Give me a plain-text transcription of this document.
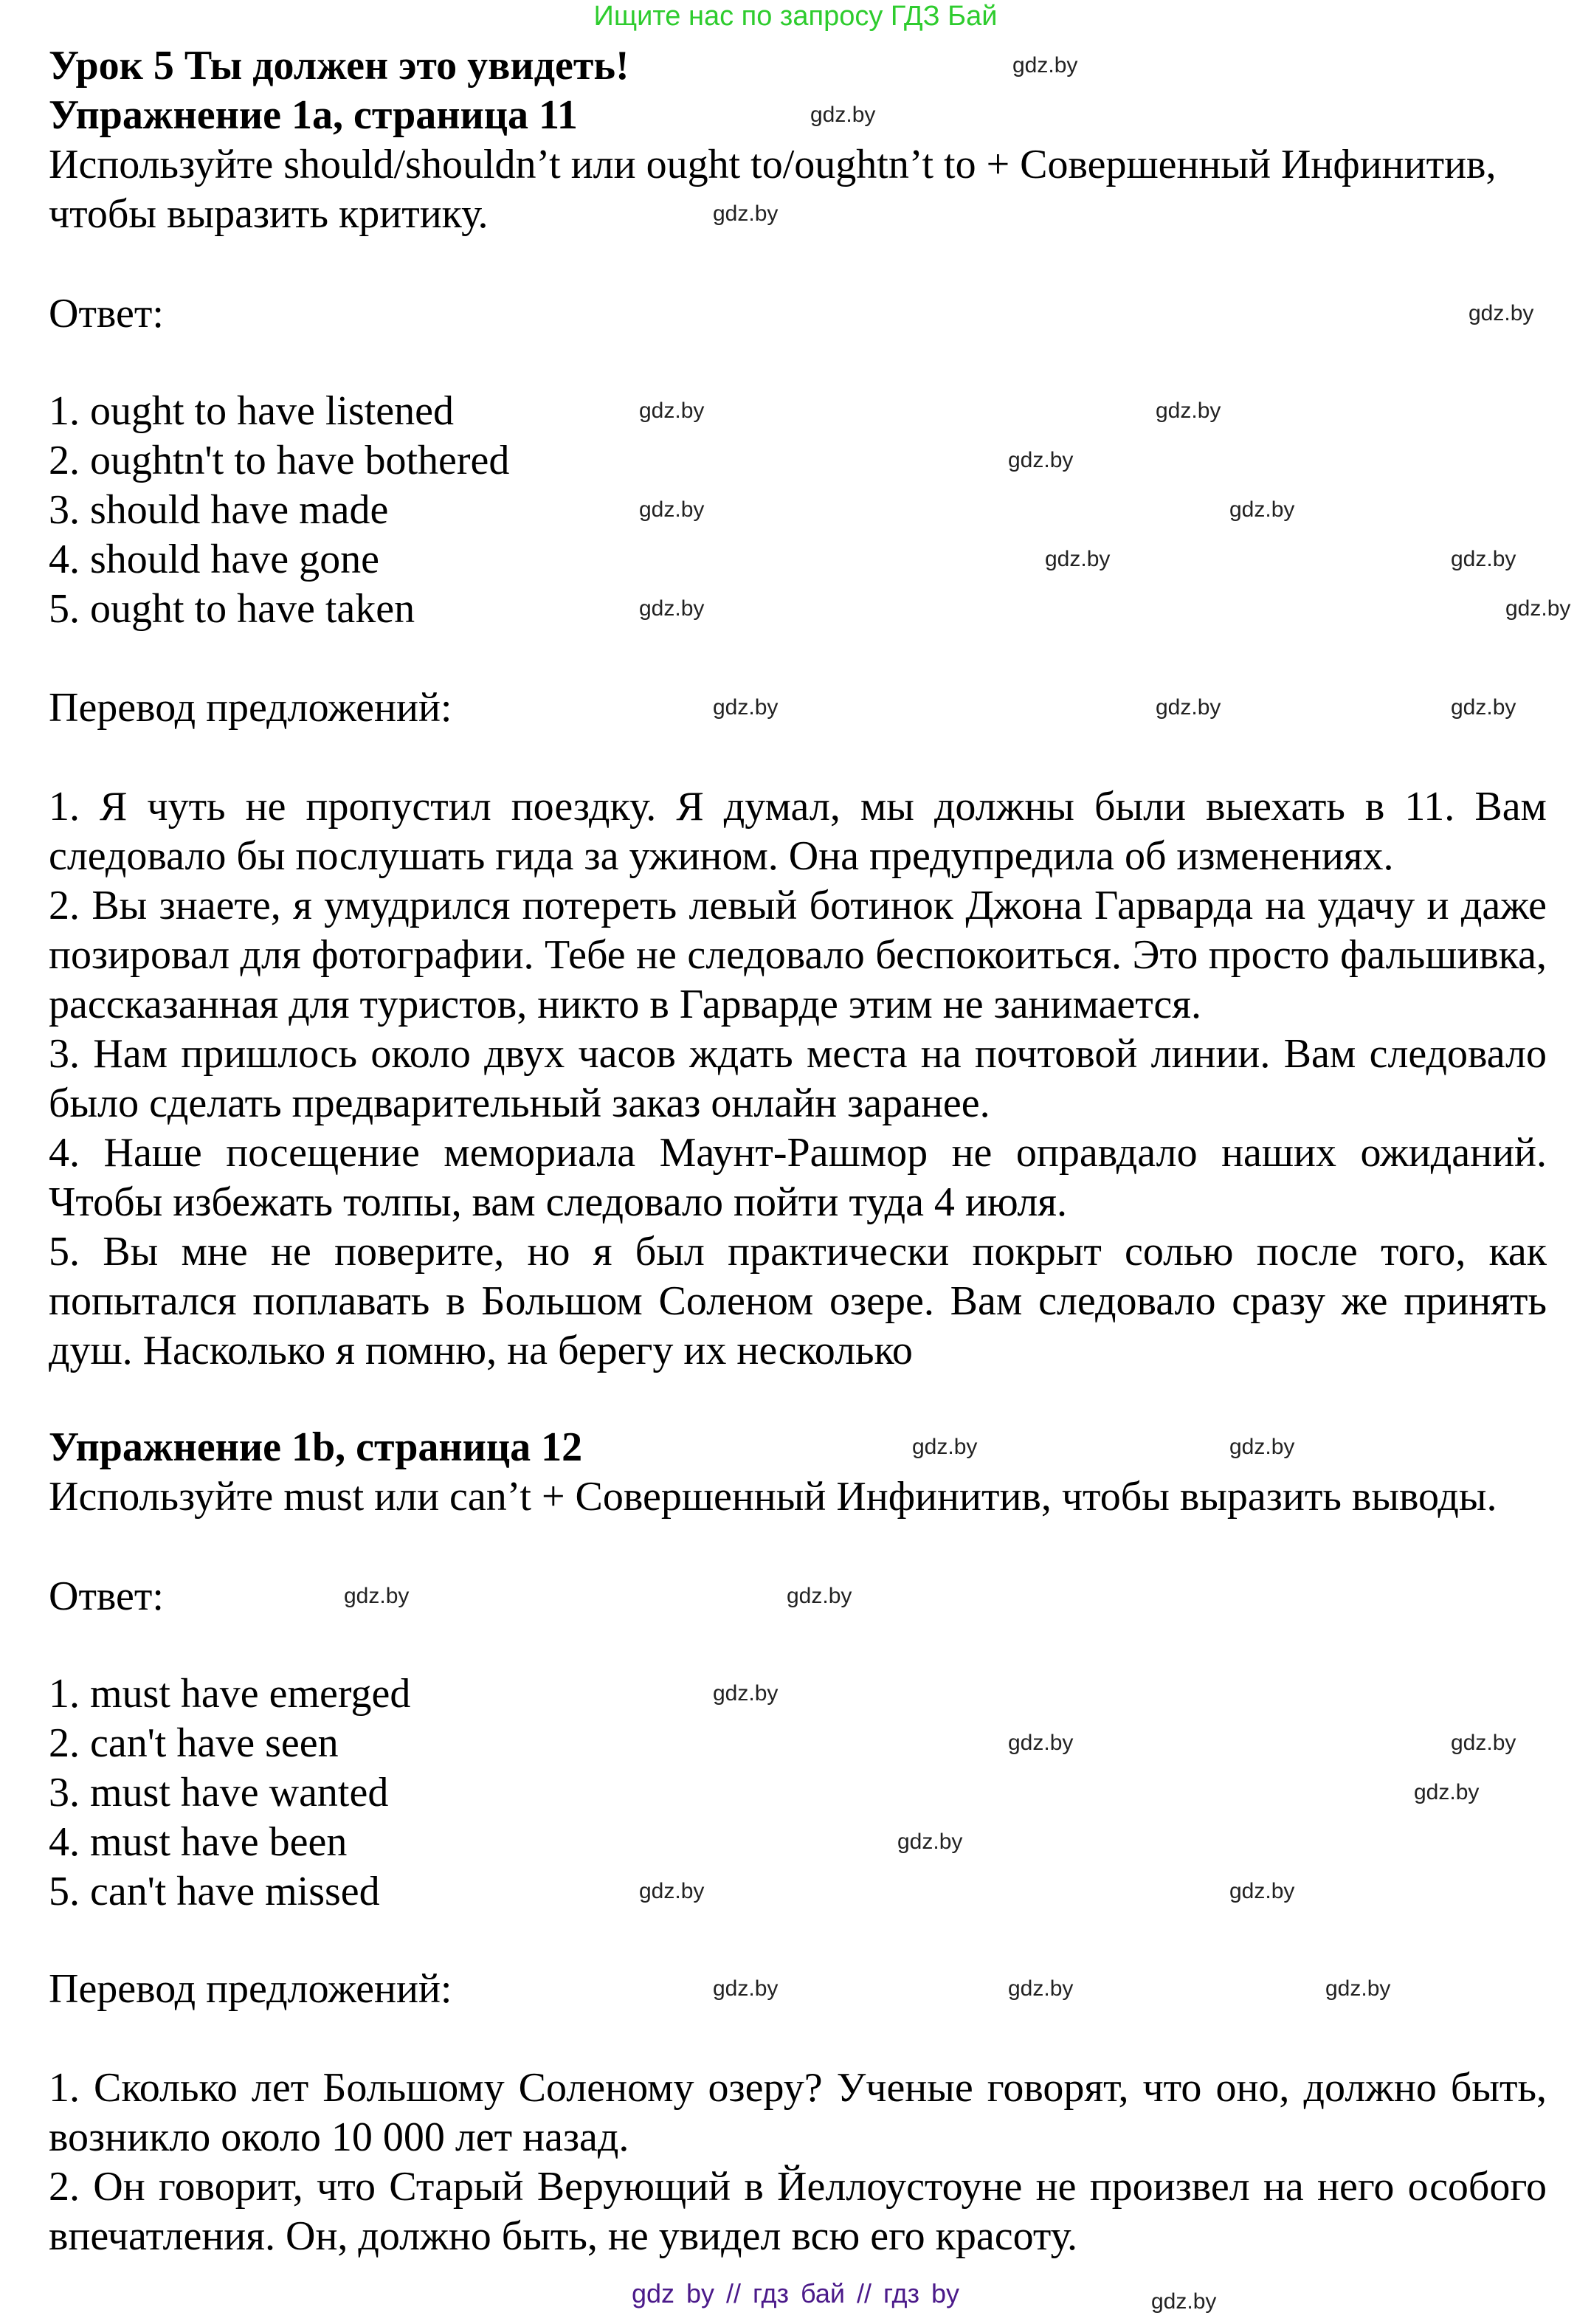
Ищите нас по запросу ГДЗ Бай
Урок 5 Ты должен это увидеть!	gdz.by
Упражнение 1a, страница 11	gdz.by
Используйте should/shouldn’t или ought to/oughtn’t to + Совершенный Инфинитив,
чтобы выразить критику.	gdz.by
Ответ:	gdz.by
1. ought to have listened	gdz.by	gdz.by
2. oughtn't to have bothered	gdz.by
3. should have made	gdz.by	gdz.by
4. should have gone	gdz.by	gdz.by
5. ought to have taken	gdz.by	gdz.by
Перевод предложений:	gdz.by	gdz.by	gdz.by

1. Я чуть не пропустил поездку. Я думал, мы должны были выехать в 11. Вам следовало бы послушать гида за ужином. Она предупредила об изменениях.

2. Вы знаете, я умудрился потереть левый ботинок Джона Гарварда на удачу и даже позировал для фотографии. Тебе не следовало беспокоиться. Это просто фальшивка, рассказанная для туристов, никто в Гарварде этим не занимается.

3. Нам пришлось около двух часов ждать места на почтовой линии. Вам следовало было сделать предварительный заказ онлайн заранее.

4. Наше посещение мемориала Маунт-Рашмор не оправдало наших ожиданий. Чтобы избежать толпы, вам следовало пойти туда 4 июля.

5. Вы мне не поверите, но я был практически покрыт солью после того, как попытался поплавать в Большом Соленом озере. Вам следовало сразу же принять душ. Насколько я помню, на берегу их несколько

Упражнение 1b, страница 12	gdz.by	gdz.by
Используйте must или can’t + Совершенный Инфинитив, чтобы выразить выводы.
Ответ:	gdz.by	gdz.by
1. must have emerged	gdz.by
2. can't have seen	gdz.by	gdz.by
3. must have wanted	gdz.by
4. must have been	gdz.by
5. can't have missed	gdz.by	gdz.by
Перевод предложений:	gdz.by	gdz.by	gdz.by

1. Сколько лет Большому Соленому озеру? Ученые говорят, что оно, должно быть, возникло около 10 000 лет назад.

2. Он говорит, что Старый Верующий в Йеллоустоуне не произвел на него особого впечатления. Он, должно быть, не увидел всю его красоту.

gdz by // гдз бай // гдз by	gdz.by
